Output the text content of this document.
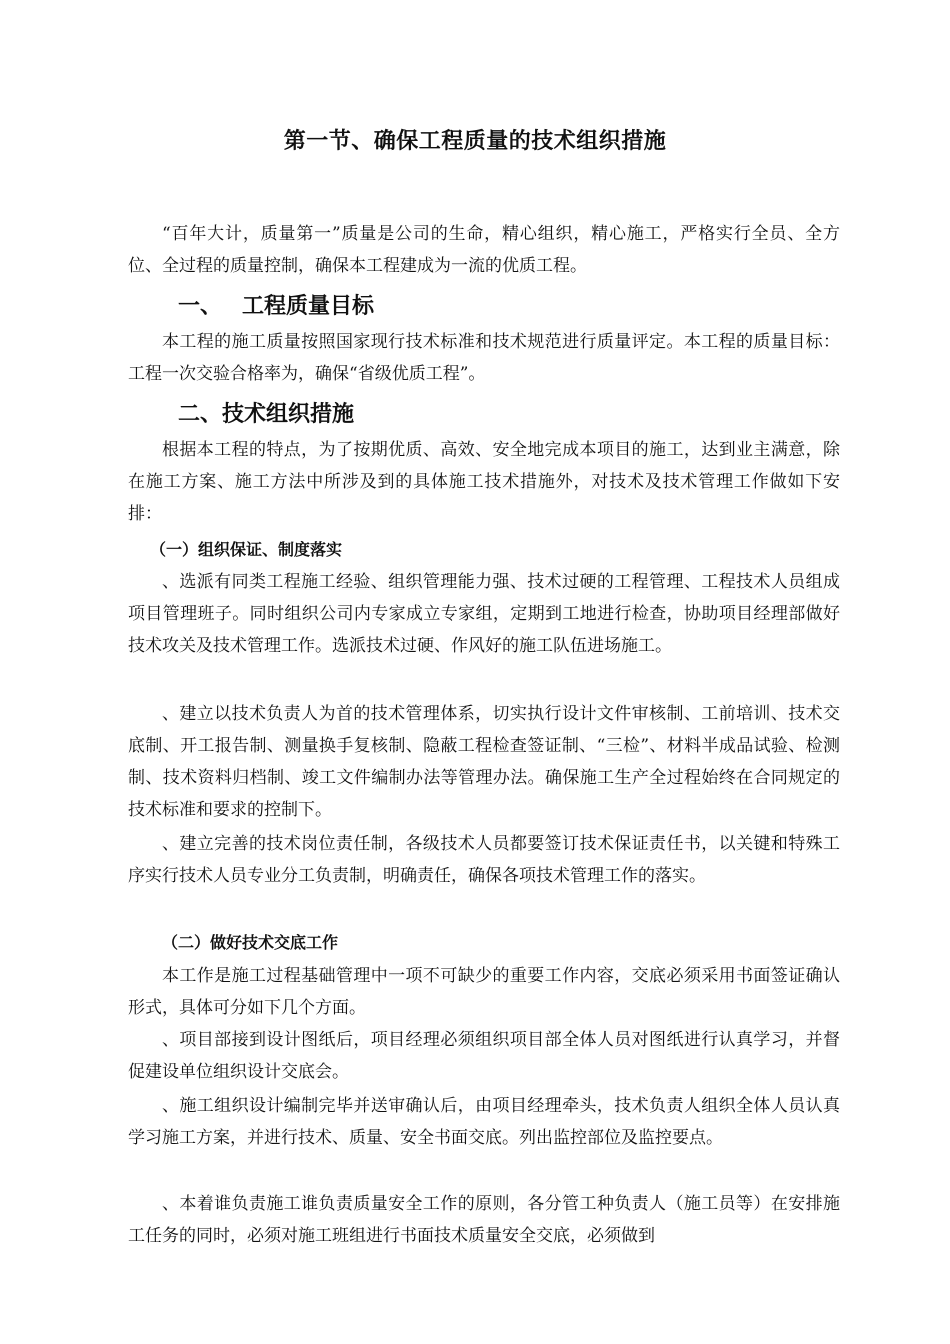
第一节、确保工程质量的技术组织措施

“百年大计，质量第一”质量是公司的生命，精心组织，精心施工，严格实行全员、全方位、全过程的质量控制，确保本工程建成为一流的优质工程。

一、 工程质量目标

本工程的施工质量按照国家现行技术标准和技术规范进行质量评定。本工程的质量目标：工程一次交验合格率为，确保“省级优质工程”。

二、技术组织措施

根据本工程的特点，为了按期优质、高效、安全地完成本项目的施工，达到业主满意，除在施工方案、施工方法中所涉及到的具体施工技术措施外，对技术及技术管理工作做如下安排：

（一）组织保证、制度落实

、选派有同类工程施工经验、组织管理能力强、技术过硬的工程管理、工程技术人员组成项目管理班子。同时组织公司内专家成立专家组，定期到工地进行检查，协助项目经理部做好技术攻关及技术管理工作。选派技术过硬、作风好的施工队伍进场施工。

、建立以技术负责人为首的技术管理体系，切实执行设计文件审核制、工前培训、技术交底制、开工报告制、测量换手复核制、隐蔽工程检查签证制、“三检”、材料半成品试验、检测制、技术资料归档制、竣工文件编制办法等管理办法。确保施工生产全过程始终在合同规定的技术标准和要求的控制下。

、建立完善的技术岗位责任制，各级技术人员都要签订技术保证责任书，以关键和特殊工序实行技术人员专业分工负责制，明确责任，确保各项技术管理工作的落实。

（二）做好技术交底工作

本工作是施工过程基础管理中一项不可缺少的重要工作内容，交底必须采用书面签证确认形式，具体可分如下几个方面。

、项目部接到设计图纸后，项目经理必须组织项目部全体人员对图纸进行认真学习，并督促建设单位组织设计交底会。

、施工组织设计编制完毕并送审确认后，由项目经理牵头，技术负责人组织全体人员认真学习施工方案，并进行技术、质量、安全书面交底。列出监控部位及监控要点。

、本着谁负责施工谁负责质量安全工作的原则，各分管工种负责人（施工员等）在安排施工任务的同时，必须对施工班组进行书面技术质量安全交底，必须做到
